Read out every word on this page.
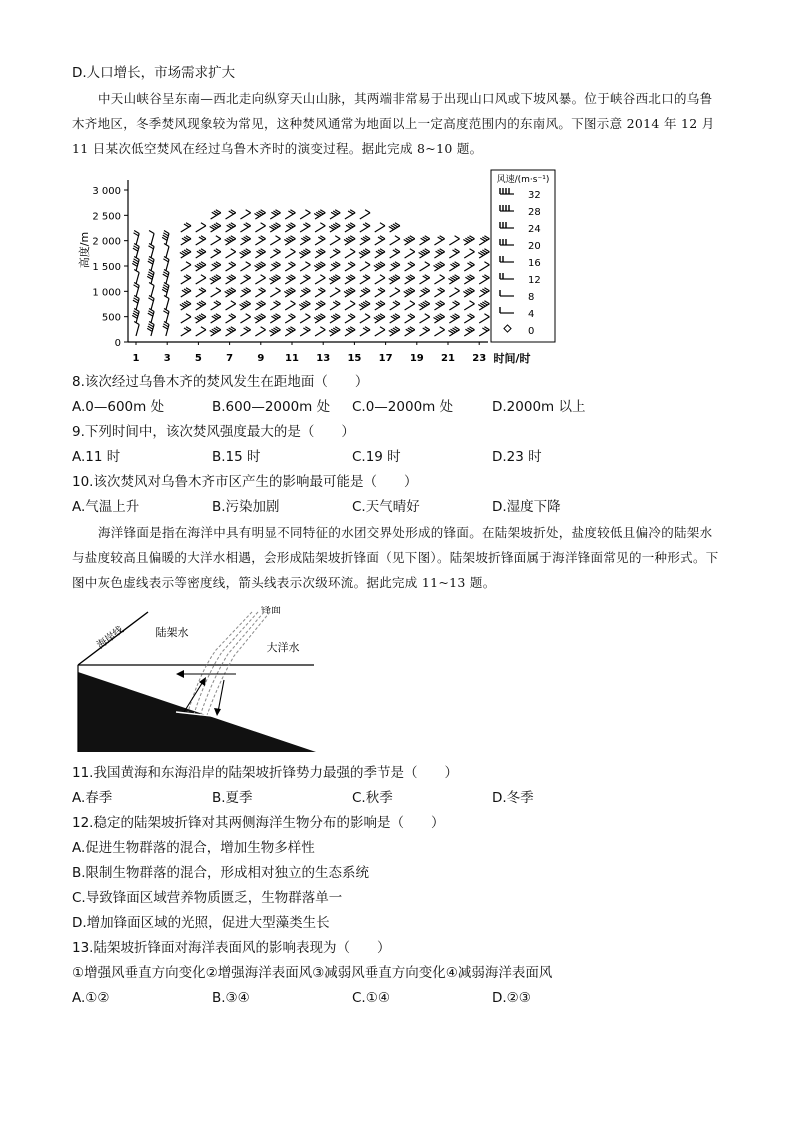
D.人口增长，市场需求扩大
中天山峡谷呈东南—西北走向纵穿天山山脉，其两端非常易于出现山口风或下坡风暴。位于峡谷西北口的乌鲁木齐地区，冬季焚风现象较为常见，这种焚风通常为地面以上一定高度范围内的东南风。下图示意 2014 年 12 月 11 日某次低空焚风在经过乌鲁木齐时的演变过程。据此完成 8~10 题。
高度/m
3 000
2 500
2 000
1 500
1 000
500
0
1 3 5 7 9 11 13 15 17 19 21 23 时间/时
风速/(m·s⁻¹)
32
28
24
20
16
12
8
4
0
8.该次经过乌鲁木齐的焚风发生在距地面（　　）
A.0—600m 处	B.600—2000m 处 C.0—2000m 处	D.2000m 以上
9.下列时间中，该次焚风强度最大的是（　　）
A.11 时	B.15 时	C.19 时	D.23 时
10.该次焚风对乌鲁木齐市区产生的影响最可能是（　　）
A.气温上升	B.污染加剧	C.天气晴好	D.湿度下降
海洋锋面是指在海洋中具有明显不同特征的水团交界处形成的锋面。在陆架坡折处，盐度较低且偏冷的陆架水与盐度较高且偏暖的大洋水相遇，会形成陆架坡折锋面（见下图）。陆架坡折锋面属于海洋锋面常见的一种形式。下图中灰色虚线表示等密度线，箭头线表示次级环流。据此完成 11~13 题。
海岸线	陆架水
锋面
大洋水
11.我国黄海和东海沿岸的陆架坡折锋势力最强的季节是（　　）
A.春季	B.夏季	C.秋季	D.冬季
12.稳定的陆架坡折锋对其两侧海洋生物分布的影响是（　　）
A.促进生物群落的混合，增加生物多样性
B.限制生物群落的混合，形成相对独立的生态系统
C.导致锋面区域营养物质匮乏，生物群落单一
D.增加锋面区域的光照，促进大型藻类生长
13.陆架坡折锋面对海洋表面风的影响表现为（　　）
①增强风垂直方向变化②增强海洋表面风③减弱风垂直方向变化④减弱海洋表面风
A.①②	B.③④	C.①④	D.②③
